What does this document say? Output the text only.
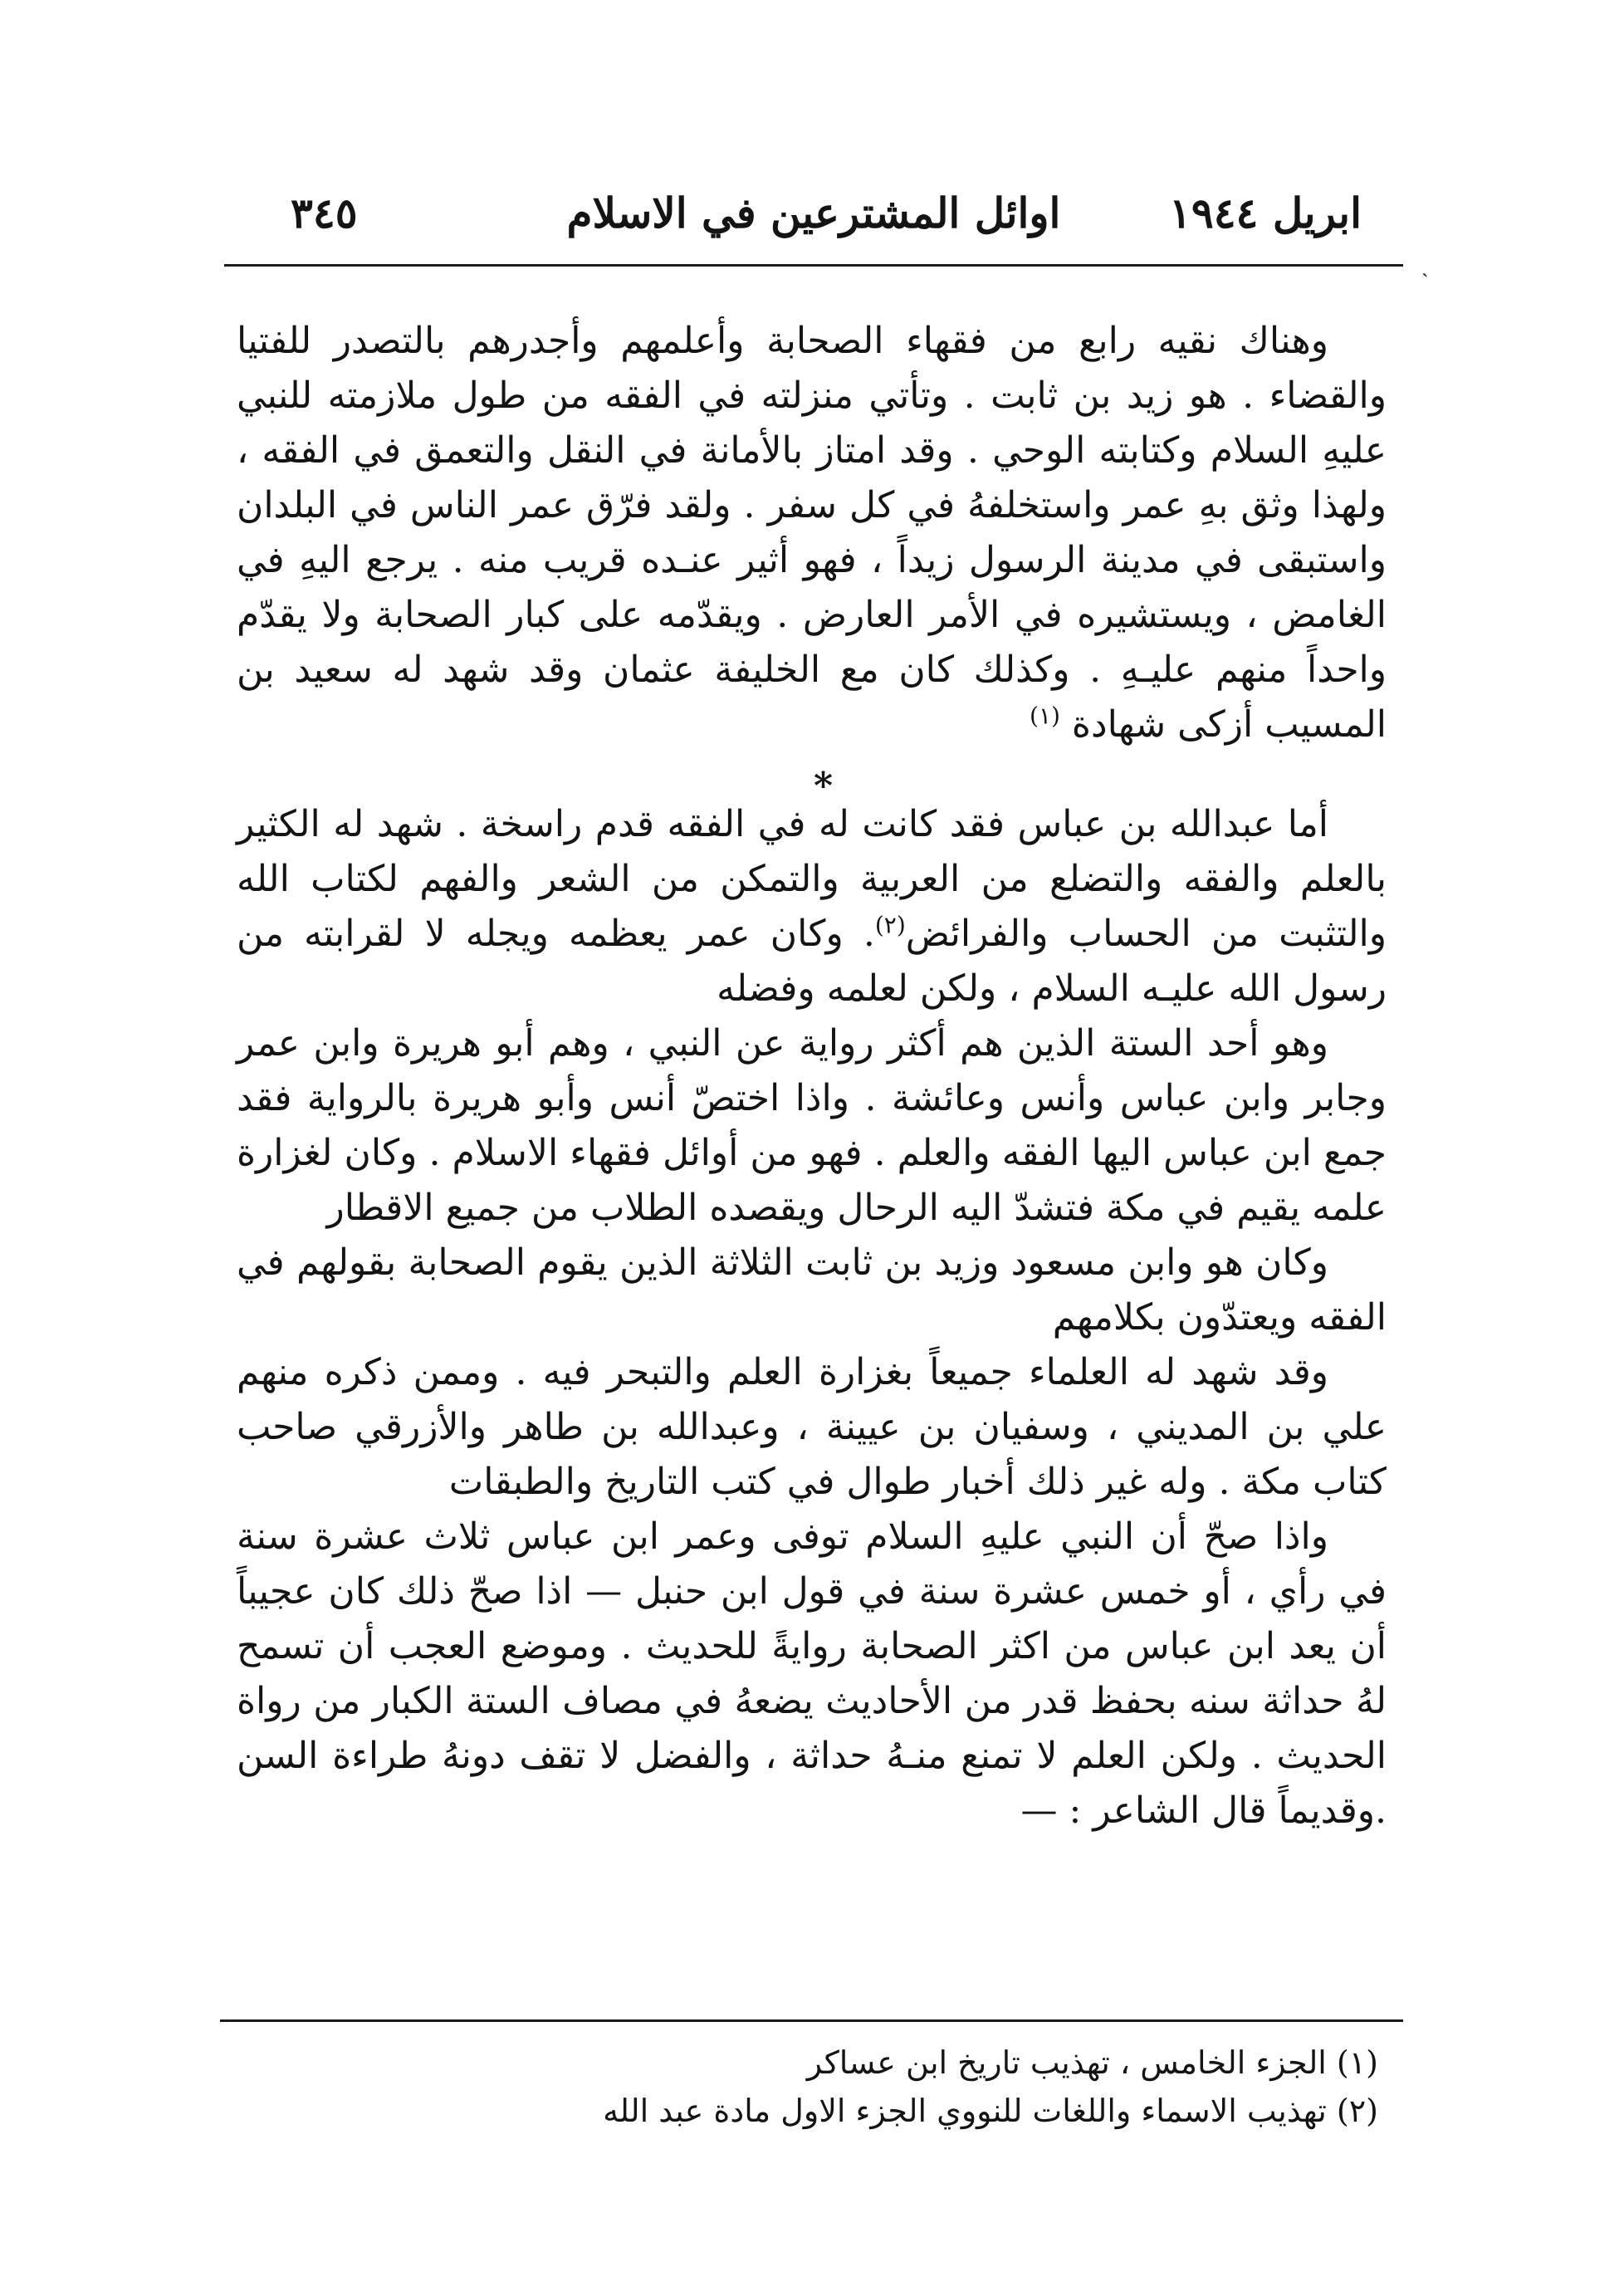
ابريل ١٩٤٤
اوائل المشترعين في الاسلام
٣٤٥
ˎ

وهناك نقيه رابع من فقهاء الصحابة وأعلمهم وأجدرهم بالتصدر للفتيا والقضاء . هو زيد بن ثابت . وتأتي منزلته في الفقه من طول ملازمته للنبي عليهِ السلام وكتابته الوحي . وقد امتاز بالأمانة في النقل والتعمق في الفقه ، ولهذا وثق بهِ عمر واستخلفهُ في كل سفر . ولقد فرّق عمر الناس في البلدان واستبقى في مدينة الرسول زيداً ، فهو أثير عنـده قريب منه . يرجع اليهِ في الغامض ، ويستشيره في الأمر العارض . ويقدّمه على كبار الصحابة ولا يقدّم واحداً منهم عليـهِ . وكذلك كان مع الخليفة عثمان وقد شهد له سعيد بن المسيب أزكى شهادة $^{(١)}$

أما عبدالله بن عباس فقد كانت له في الفقه قدم راسخة . شهد له الكثير بالعلم والفقه والتضلع من العربية والتمكن من الشعر والفهم لكتاب الله والتثبت من الحساب والفرائض$^{(٢)}$. وكان عمر يعظمه ويجله لا لقرابته من رسول الله عليـه السلام ، ولكن لعلمه وفضله

وهو أحد الستة الذين هم أكثر رواية عن النبي ، وهم أبو هريرة وابن عمر وجابر وابن عباس وأنس وعائشة . واذا اختصّ أنس وأبو هريرة بالرواية فقد جمع ابن عباس اليها الفقه والعلم . فهو من أوائل فقهاء الاسلام . وكان لغزارة علمه يقيم في مكة فتشدّ اليه الرحال ويقصده الطلاب من جميع الاقطار

وكان هو وابن مسعود وزيد بن ثابت الثلاثة الذين يقوم الصحابة بقولهم في الفقه ويعتدّون بكلامهم

وقد شهد له العلماء جميعاً بغزارة العلم والتبحر فيه . وممن ذكره منهم علي بن المديني ، وسفيان بن عيينة ، وعبدالله بن طاهر والأزرقي صاحب كتاب مكة . وله غير ذلك أخبار طوال في كتب التاريخ والطبقات

واذا صحّ أن النبي عليهِ السلام توفى وعمر ابن عباس ثلاث عشرة سنة في رأي ، أو خمس عشرة سنة في قول ابن حنبل — اذا صحّ ذلك كان عجيباً أن يعد ابن عباس من اكثر الصحابة روايةً للحديث . وموضع العجب أن تسمح لهُ حداثة سنه بحفظ قدر من الأحاديث يضعهُ في مصاف الستة الكبار من رواة الحديث . ولكن العلم لا تمنع منـهُ حداثة ، والفضل لا تقف دونهُ طراءة السن .وقديماً قال الشاعر : —

*
(١) الجزء الخامس ، تهذيب تاريخ ابن عساكر
(٢) تهذيب الاسماء واللغات للنووي الجزء الاول مادة عبد الله
